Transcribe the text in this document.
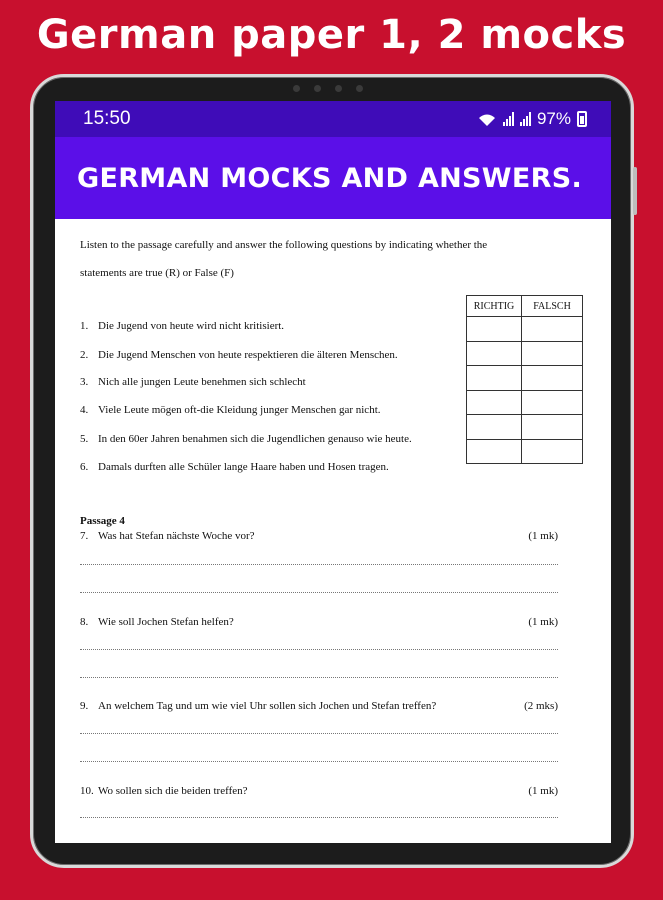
German paper 1, 2 mocks
15:50	97%
GERMAN MOCKS AND ANSWERS.
Listen to the passage carefully and answer the following questions by indicating whether the
statements are true (R) or False (F)
RICHTIG	FALSCH

1. Die Jugend von heute wird nicht kritisiert.
2. Die Jugend Menschen von heute respektieren die älteren Menschen.
3. Nich alle jungen Leute benehmen sich schlecht
4. Viele Leute mögen oft-die Kleidung junger Menschen gar nicht.
5. In den 60er Jahren benahmen sich die Jugendlichen genauso wie heute.
6. Damals durften alle Schüler lange Haare haben und Hosen tragen.
Passage 4
7. Was hat Stefan nächste Woche vor?	(1 mk)
8. Wie soll Jochen Stefan helfen?	(1 mk)
9. An welchem Tag und um wie viel Uhr sollen sich Jochen und Stefan treffen?	(2 mks)
10. Wo sollen sich die beiden treffen?	(1 mk)
